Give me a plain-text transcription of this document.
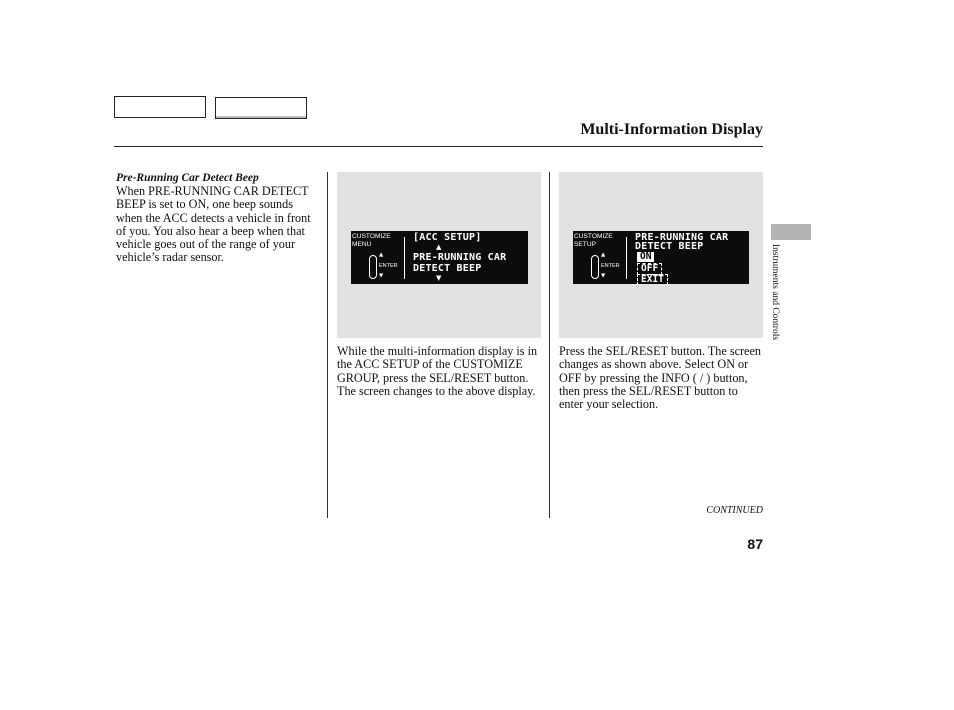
Multi-Information Display
Pre-Running Car Detect Beep
When PRE-RUNNING CAR DETECT BEEP is set to ON, one beep sounds when the ACC detects a vehicle in front of you. You also hear a beep when that vehicle goes out of the range of your vehicle’s radar sensor.
CUSTOMIZE
MENU
▲
ENTER
▼
[ACC SETUP]
▲
PRE-RUNNING CAR
DETECT BEEP
▼
CUSTOMIZE
SETUP
▲
ENTER
▼
PRE-RUNNING CAR
DETECT BEEP
ON
OFF
EXIT
While the multi-information display is in the ACC SETUP of the CUSTOMIZE GROUP, press the SEL/RESET button. The screen changes to the above display.
Press the SEL/RESET button. The screen changes as shown above. Select ON or OFF by pressing the INFO ( / ) button, then press the SEL/RESET button to enter your selection.
CONTINUED
87
Instruments and Controls
